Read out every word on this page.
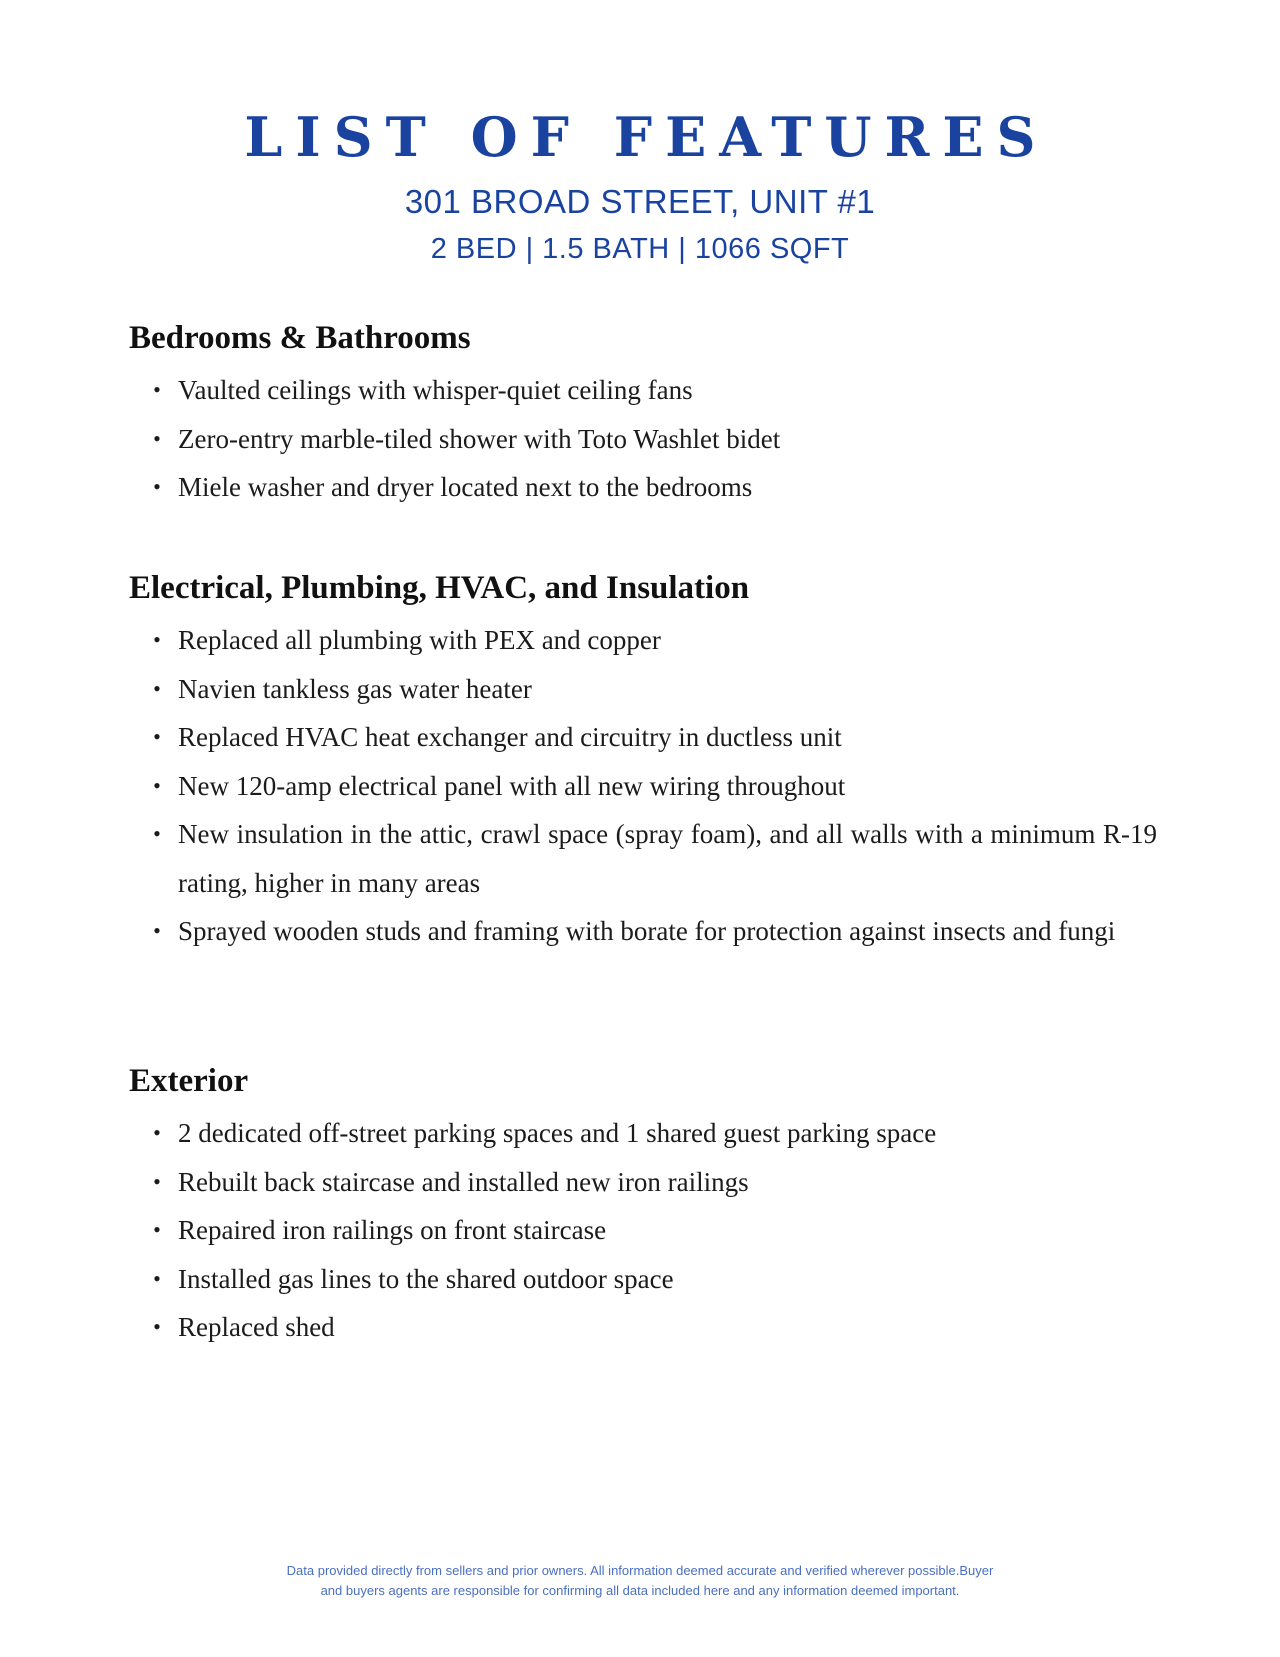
LIST OF FEATURES
301 BROAD STREET, UNIT #1
2 BED | 1.5 BATH | 1066 SQFT
Bedrooms & Bathrooms
• Vaulted ceilings with whisper-quiet ceiling fans
• Zero-entry marble-tiled shower with Toto Washlet bidet
• Miele washer and dryer located next to the bedrooms
Electrical, Plumbing, HVAC, and Insulation
• Replaced all plumbing with PEX and copper
• Navien tankless gas water heater
• Replaced HVAC heat exchanger and circuitry in ductless unit
• New 120-amp electrical panel with all new wiring throughout
• New insulation in the attic, crawl space (spray foam), and all walls with a minimum R-19 rating, higher in many areas
• Sprayed wooden studs and framing with borate for protection against insects and fungi
Exterior
• 2 dedicated off-street parking spaces and 1 shared guest parking space
• Rebuilt back staircase and installed new iron railings
• Repaired iron railings on front staircase
• Installed gas lines to the shared outdoor space
• Replaced shed
Data provided directly from sellers and prior owners. All information deemed accurate and verified wherever possible.Buyer
and buyers agents are responsible for confirming all data included here and any information deemed important.
